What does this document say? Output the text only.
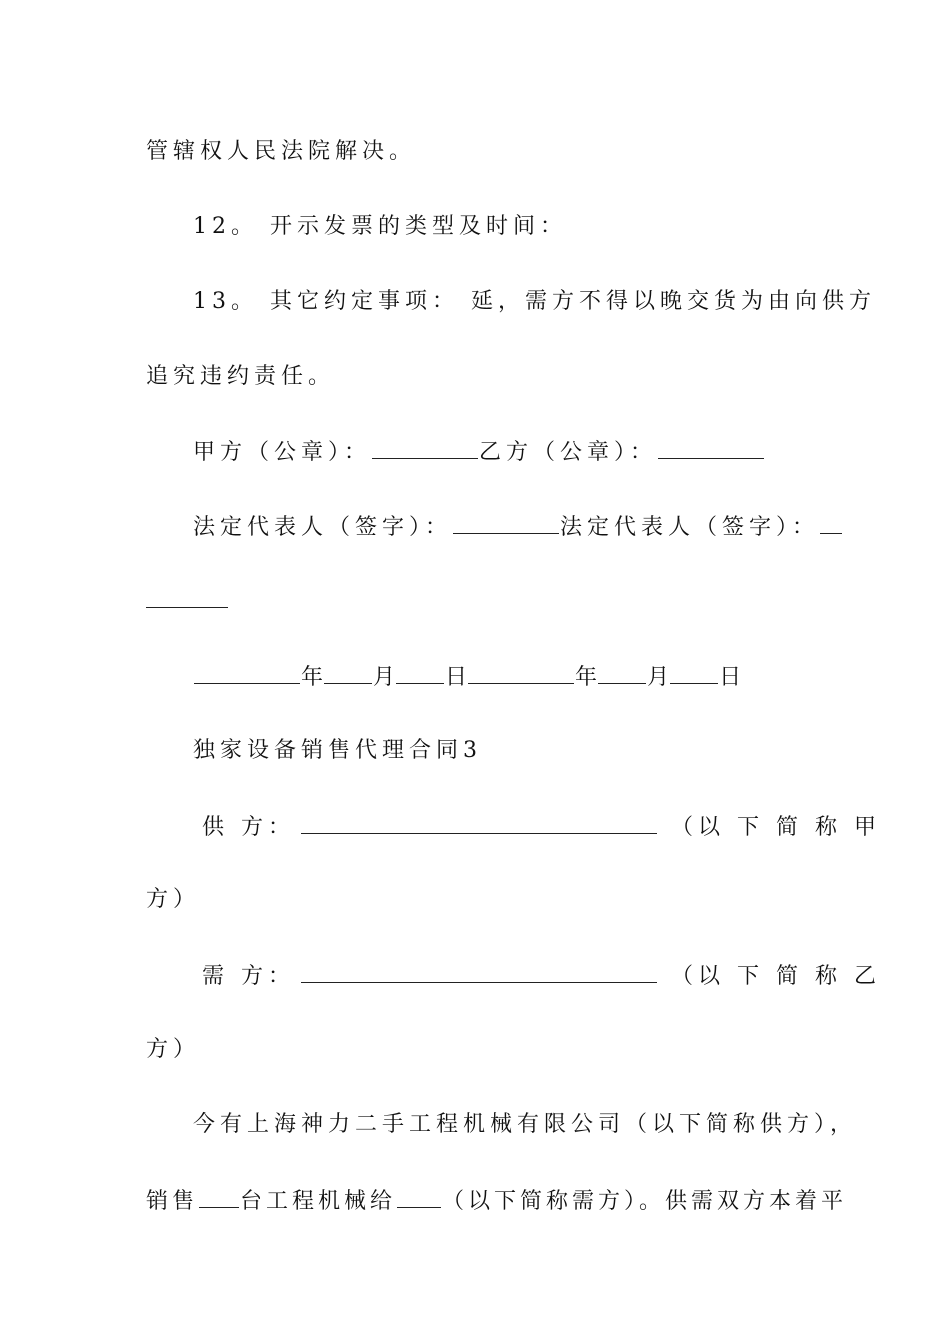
管辖权人民法院解决。
12。 开示发票的类型及时间：
13。 其它约定事项： 延，需方不得以晚交货为由向供方
追究违约责任。
甲方（公章）：	乙方（公章）：
法定代表人（签字）：	法定代表人（签字）：
年 月 日	年 月 日
独家设备销售代理合同3
供 方：	（以 下 简 称 甲
方）
需 方：	（以 下 简 称 乙
方）
今有上海神力二手工程机械有限公司（以下简称供方），
销售 台工程机械给 （以下简称需方）。供需双方本着平
